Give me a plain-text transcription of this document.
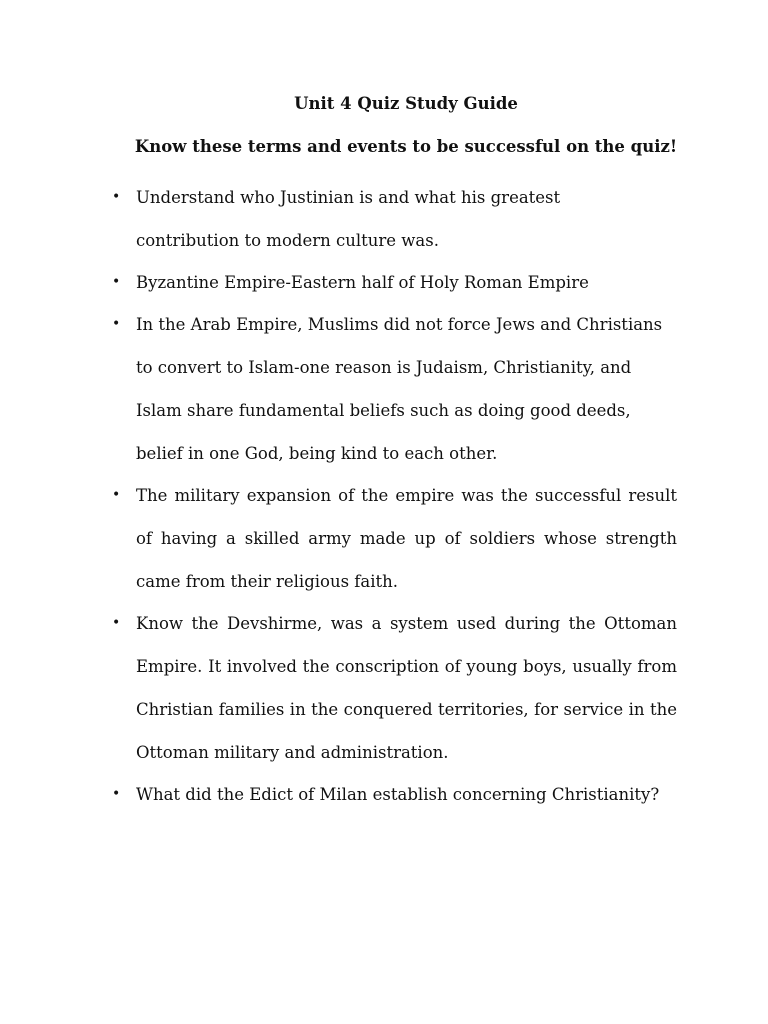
Unit 4 Quiz Study Guide
Know these terms and events to be successful on the quiz!
• Understand who Justinian is and what his greatest contribution to modern culture was.
• Byzantine Empire-Eastern half of Holy Roman Empire
• In the Arab Empire, Muslims did not force Jews and Christians to convert to Islam-one reason is Judaism, Christianity, and Islam share fundamental beliefs such as doing good deeds, belief in one God, being kind to each other.
• The military expansion of the empire was the successful result of having a skilled army made up of soldiers whose strength came from their religious faith.
• Know the Devshirme, was a system used during the Ottoman Empire. It involved the conscription of young boys, usually from Christian families in the conquered territories, for service in the Ottoman military and administration.
• What did the Edict of Milan establish concerning Christianity?
